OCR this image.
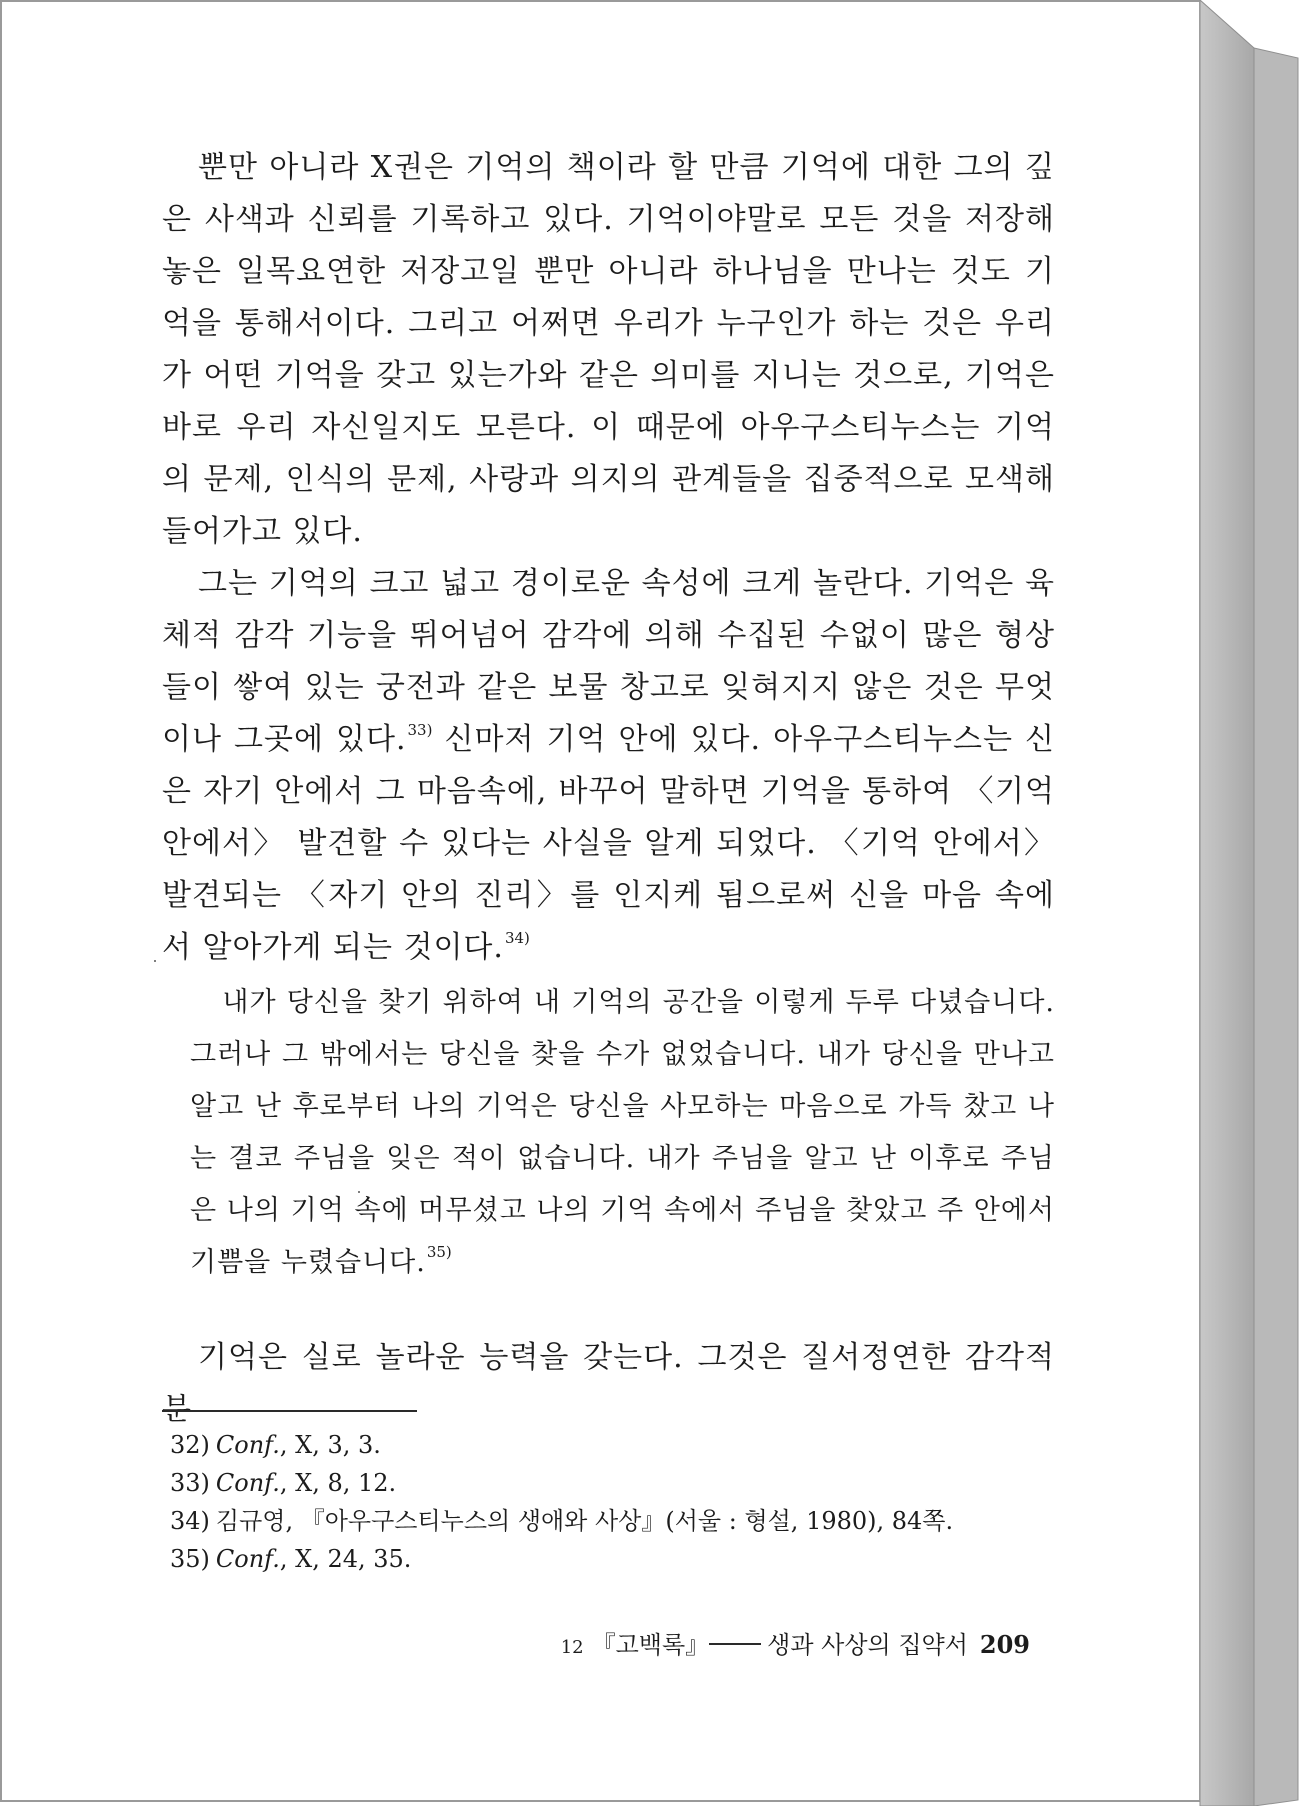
뿐만 아니라 Ⅹ권은 기억의 책이라 할 만큼 기억에 대한 그의 깊은 사색과 신뢰를 기록하고 있다. 기억이야말로 모든 것을 저장해 놓은 일목요연한 저장고일 뿐만 아니라 하나님을 만나는 것도 기억을 통해서이다. 그리고 어쩌면 우리가 누구인가 하는 것은 우리가 어떤 기억을 갖고 있는가와 같은 의미를 지니는 것으로, 기억은 바로 우리 자신일지도 모른다. 이 때문에 아우구스티누스는 기억의 문제, 인식의 문제, 사랑과 의지의 관계들을 집중적으로 모색해 들어가고 있다.

그는 기억의 크고 넓고 경이로운 속성에 크게 놀란다. 기억은 육체적 감각 기능을 뛰어넘어 감각에 의해 수집된 수없이 많은 형상들이 쌓여 있는 궁전과 같은 보물 창고로 잊혀지지 않은 것은 무엇이나 그곳에 있다.$^{33)}$ 신마저 기억 안에 있다. 아우구스티누스는 신은 자기 안에서 그 마음속에, 바꾸어 말하면 기억을 통하여 〈기억 안에서〉 발견할 수 있다는 사실을 알게 되었다. 〈기억 안에서〉 발견되는 〈자기 안의 진리〉를 인지케 됨으로써 신을 마음 속에서 알아가게 되는 것이다.$^{34)}$

내가 당신을 찾기 위하여 내 기억의 공간을 이렇게 두루 다녔습니다. 그러나 그 밖에서는 당신을 찾을 수가 없었습니다. 내가 당신을 만나고 알고 난 후로부터 나의 기억은 당신을 사모하는 마음으로 가득 찼고 나는 결코 주님을 잊은 적이 없습니다. 내가 주님을 알고 난 이후로 주님은 나의 기억 속에 머무셨고 나의 기억 속에서 주님을 찾았고 주 안에서 기쁨을 누렸습니다.$^{35)}$

기억은 실로 놀라운 능력을 갖는다. 그것은 질서정연한 감각적 분

32) Conf., Ⅹ, 3, 3.
33) Conf., Ⅹ, 8, 12.
34) 김규영, 『아우구스티누스의 생애와 사상』(서울 : 형설, 1980), 84쪽.
35) Conf., Ⅹ, 24, 35.
12 『고백록』 생과 사상의 집약서 209
